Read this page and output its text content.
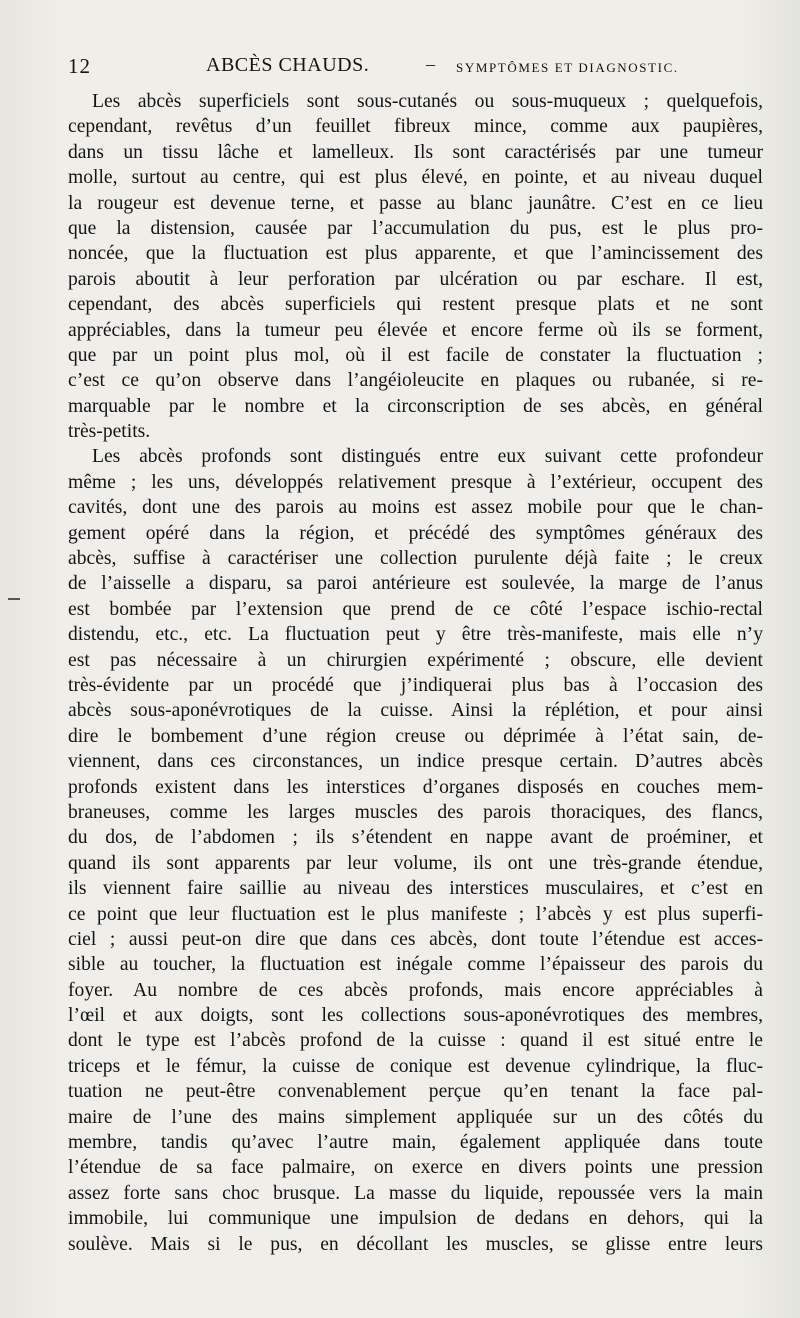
12	ABCÈS CHAUDS.	– SYMPTÔMES ET DIAGNOSTIC.
Les abcès superficiels sont sous-cutanés ou sous-muqueux ; quelquefois,
cependant, revêtus d’un feuillet fibreux mince, comme aux paupières,
dans un tissu lâche et lamelleux. Ils sont caractérisés par une tumeur
molle, surtout au centre, qui est plus élevé, en pointe, et au niveau duquel
la rougeur est devenue terne, et passe au blanc jaunâtre. C’est en ce lieu
que la distension, causée par l’accumulation du pus, est le plus pro-
noncée, que la fluctuation est plus apparente, et que l’amincissement des
parois aboutit à leur perforation par ulcération ou par eschare. Il est,
cependant, des abcès superficiels qui restent presque plats et ne sont
appréciables, dans la tumeur peu élevée et encore ferme où ils se forment,
que par un point plus mol, où il est facile de constater la fluctuation ;
c’est ce qu’on observe dans l’angéioleucite en plaques ou rubanée, si re-
marquable par le nombre et la circonscription de ses abcès, en général
très-petits.
Les abcès profonds sont distingués entre eux suivant cette profondeur
même ; les uns, développés relativement presque à l’extérieur, occupent des
cavités, dont une des parois au moins est assez mobile pour que le chan-
gement opéré dans la région, et précédé des symptômes généraux des
abcès, suffise à caractériser une collection purulente déjà faite ; le creux
de l’aisselle a disparu, sa paroi antérieure est soulevée, la marge de l’anus
est bombée par l’extension que prend de ce côté l’espace ischio-rectal
distendu, etc., etc. La fluctuation peut y être très-manifeste, mais elle n’y
est pas nécessaire à un chirurgien expérimenté ; obscure, elle devient
très-évidente par un procédé que j’indiquerai plus bas à l’occasion des
abcès sous-aponévrotiques de la cuisse. Ainsi la réplétion, et pour ainsi
dire le bombement d’une région creuse ou déprimée à l’état sain, de-
viennent, dans ces circonstances, un indice presque certain. D’autres abcès
profonds existent dans les interstices d’organes disposés en couches mem-
braneuses, comme les larges muscles des parois thoraciques, des flancs,
du dos, de l’abdomen ; ils s’étendent en nappe avant de proéminer, et
quand ils sont apparents par leur volume, ils ont une très-grande étendue,
ils viennent faire saillie au niveau des interstices musculaires, et c’est en
ce point que leur fluctuation est le plus manifeste ; l’abcès y est plus superfi-
ciel ; aussi peut-on dire que dans ces abcès, dont toute l’étendue est acces-
sible au toucher, la fluctuation est inégale comme l’épaisseur des parois du
foyer. Au nombre de ces abcès profonds, mais encore appréciables à
l’œil et aux doigts, sont les collections sous-aponévrotiques des membres,
dont le type est l’abcès profond de la cuisse : quand il est situé entre le
triceps et le fémur, la cuisse de conique est devenue cylindrique, la fluc-
tuation ne peut-être convenablement perçue qu’en tenant la face pal-
maire de l’une des mains simplement appliquée sur un des côtés du
membre, tandis qu’avec l’autre main, également appliquée dans toute
l’étendue de sa face palmaire, on exerce en divers points une pression
assez forte sans choc brusque. La masse du liquide, repoussée vers la main
immobile, lui communique une impulsion de dedans en dehors, qui la
soulève. Mais si le pus, en décollant les muscles, se glisse entre leurs
